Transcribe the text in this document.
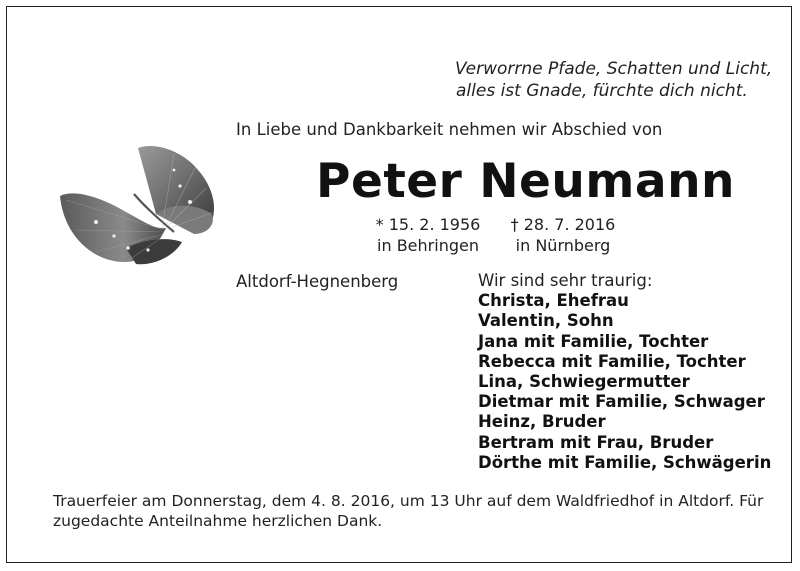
Verworrne Pfade, Schatten und Licht,
alles ist Gnade, fürchte dich nicht.
In Liebe und Dankbarkeit nehmen wir Abschied von
Peter Neumann
* 15. 2. 1956
in Behringen
† 28. 7. 2016
in Nürnberg
Altdorf-Hegnenberg	Wir sind sehr traurig:
Christa, Ehefrau
Valentin, Sohn
Jana mit Familie, Tochter
Rebecca mit Familie, Tochter
Lina, Schwiegermutter
Dietmar mit Familie, Schwager
Heinz, Bruder
Bertram mit Frau, Bruder
Dörthe mit Familie, Schwägerin
Trauerfeier am Donnerstag, dem 4. 8. 2016, um 13 Uhr auf dem Waldfriedhof in Altdorf. Für zugedachte Anteilnahme herzlichen Dank.
